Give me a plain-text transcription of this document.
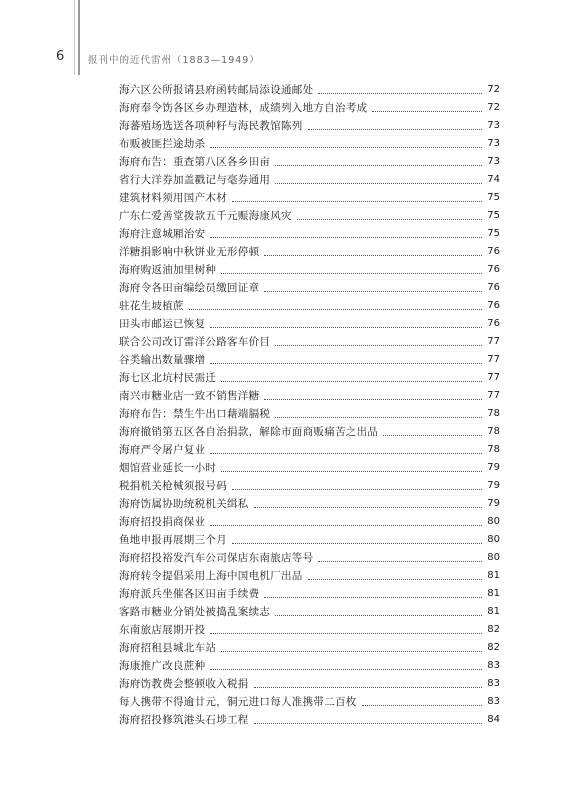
6 报刊中的近代雷州（1883—1949）
海六区公所报请县府函转邮局添设通邮处	72
海府奉令饬各区乡办理造林，成绩列入地方自治考成	72
海蕃殖场选送各项种籽与海民教馆陈列	73
布贩被匪拦途劫杀	73
海府布告：重查第八区各乡田亩	73
省行大洋券加盖戳记与毫券通用	74
建筑材料须用国产木材	75
广东仁爱善堂拨款五千元赈海康风灾	75
海府注意城厢治安	75
洋糖捐影响中秋饼业无形停顿	76
海府购返油加里树种	76
海府令各田亩编绘员缴回证章	76
驻花生坡植蔗	76
田头市邮运已恢复	76
联合公司改订雷洋公路客车价目	77
谷类输出数量骤增	77
海七区北坑村民需迁	77
南兴市糖业店一致不销售洋糖	77
海府布告：禁生牛出口藉端膈税	78
海府撤销第五区各自治捐款，解除市面商贩痛苦之出品	78
海府严令屠户复业	78
烟馆营业延长一小时	79
税捐机关枪械须报号码	79
海府饬属协助统税机关缉私	79
海府招投捐商保业	80
鱼地申报再展期三个月	80
海府招投裕发汽车公司保店东南旅店等号	80
海府转令提倡采用上海中国电机厂出品	81
海府派兵坐催各区田亩手续费	81
客路市糖业分销处被捣乱案续志	81
东南旅店展期开投	82
海府招租县城北车站	82
海康推广改良蔗种	83
海府饬教费会整顿收入税捐	83
每人携带不得逾廿元，铜元进口每人准携带二百枚	83
海府招投修筑港头石埗工程	84
